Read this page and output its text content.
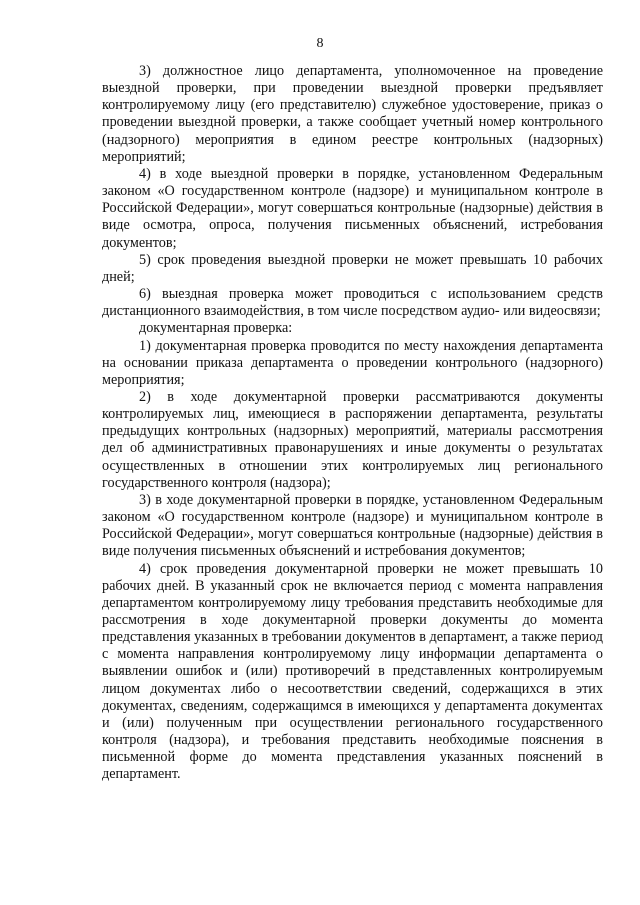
8

3) должностное лицо департамента, уполномоченное на проведение выездной проверки, при проведении выездной проверки предъявляет контролируемому лицу (его представителю) служебное удостоверение, приказ о проведении выездной проверки, а также сообщает учетный номер контрольного (надзорного) мероприятия в едином реестре контрольных (надзорных) мероприятий;

4) в ходе выездной проверки в порядке, установленном Федеральным законом «О государственном контроле (надзоре) и муниципальном контроле в Российской Федерации», могут совершаться контрольные (надзорные) действия в виде осмотра, опроса, получения письменных объяснений, истребования документов;

5) срок проведения выездной проверки не может превышать 10 рабочих дней;

6) выездная проверка может проводиться с использованием средств дистанционного взаимодействия, в том числе посредством аудио- или видеосвязи;

документарная проверка:

1) документарная проверка проводится по месту нахождения департамента на основании приказа департамента о проведении контрольного (надзорного) мероприятия;

2) в ходе документарной проверки рассматриваются документы контролируемых лиц, имеющиеся в распоряжении департамента, результаты предыдущих контрольных (надзорных) мероприятий, материалы рассмотрения дел об административных правонарушениях и иные документы о результатах осуществленных в отношении этих контролируемых лиц регионального государственного контроля (надзора);

3) в ходе документарной проверки в порядке, установленном Федеральным законом «О государственном контроле (надзоре) и муниципальном контроле в Российской Федерации», могут совершаться контрольные (надзорные) действия в виде получения письменных объяснений и истребования документов;

4) срок проведения документарной проверки не может превышать 10 рабочих дней. В указанный срок не включается период с момента направления департаментом контролируемому лицу требования представить необходимые для рассмотрения в ходе документарной проверки документы до момента представления указанных в требовании документов в департамент, а также период с момента направления контролируемому лицу информации департамента о выявлении ошибок и (или) противоречий в представленных контролируемым лицом документах либо о несоответствии сведений, содержащихся в этих документах, сведениям, содержащимся в имеющихся у департамента документах и (или) полученным при осуществлении регионального государственного контроля (надзора), и требования представить необходимые пояснения в письменной форме до момента представления указанных пояснений в департамент.
